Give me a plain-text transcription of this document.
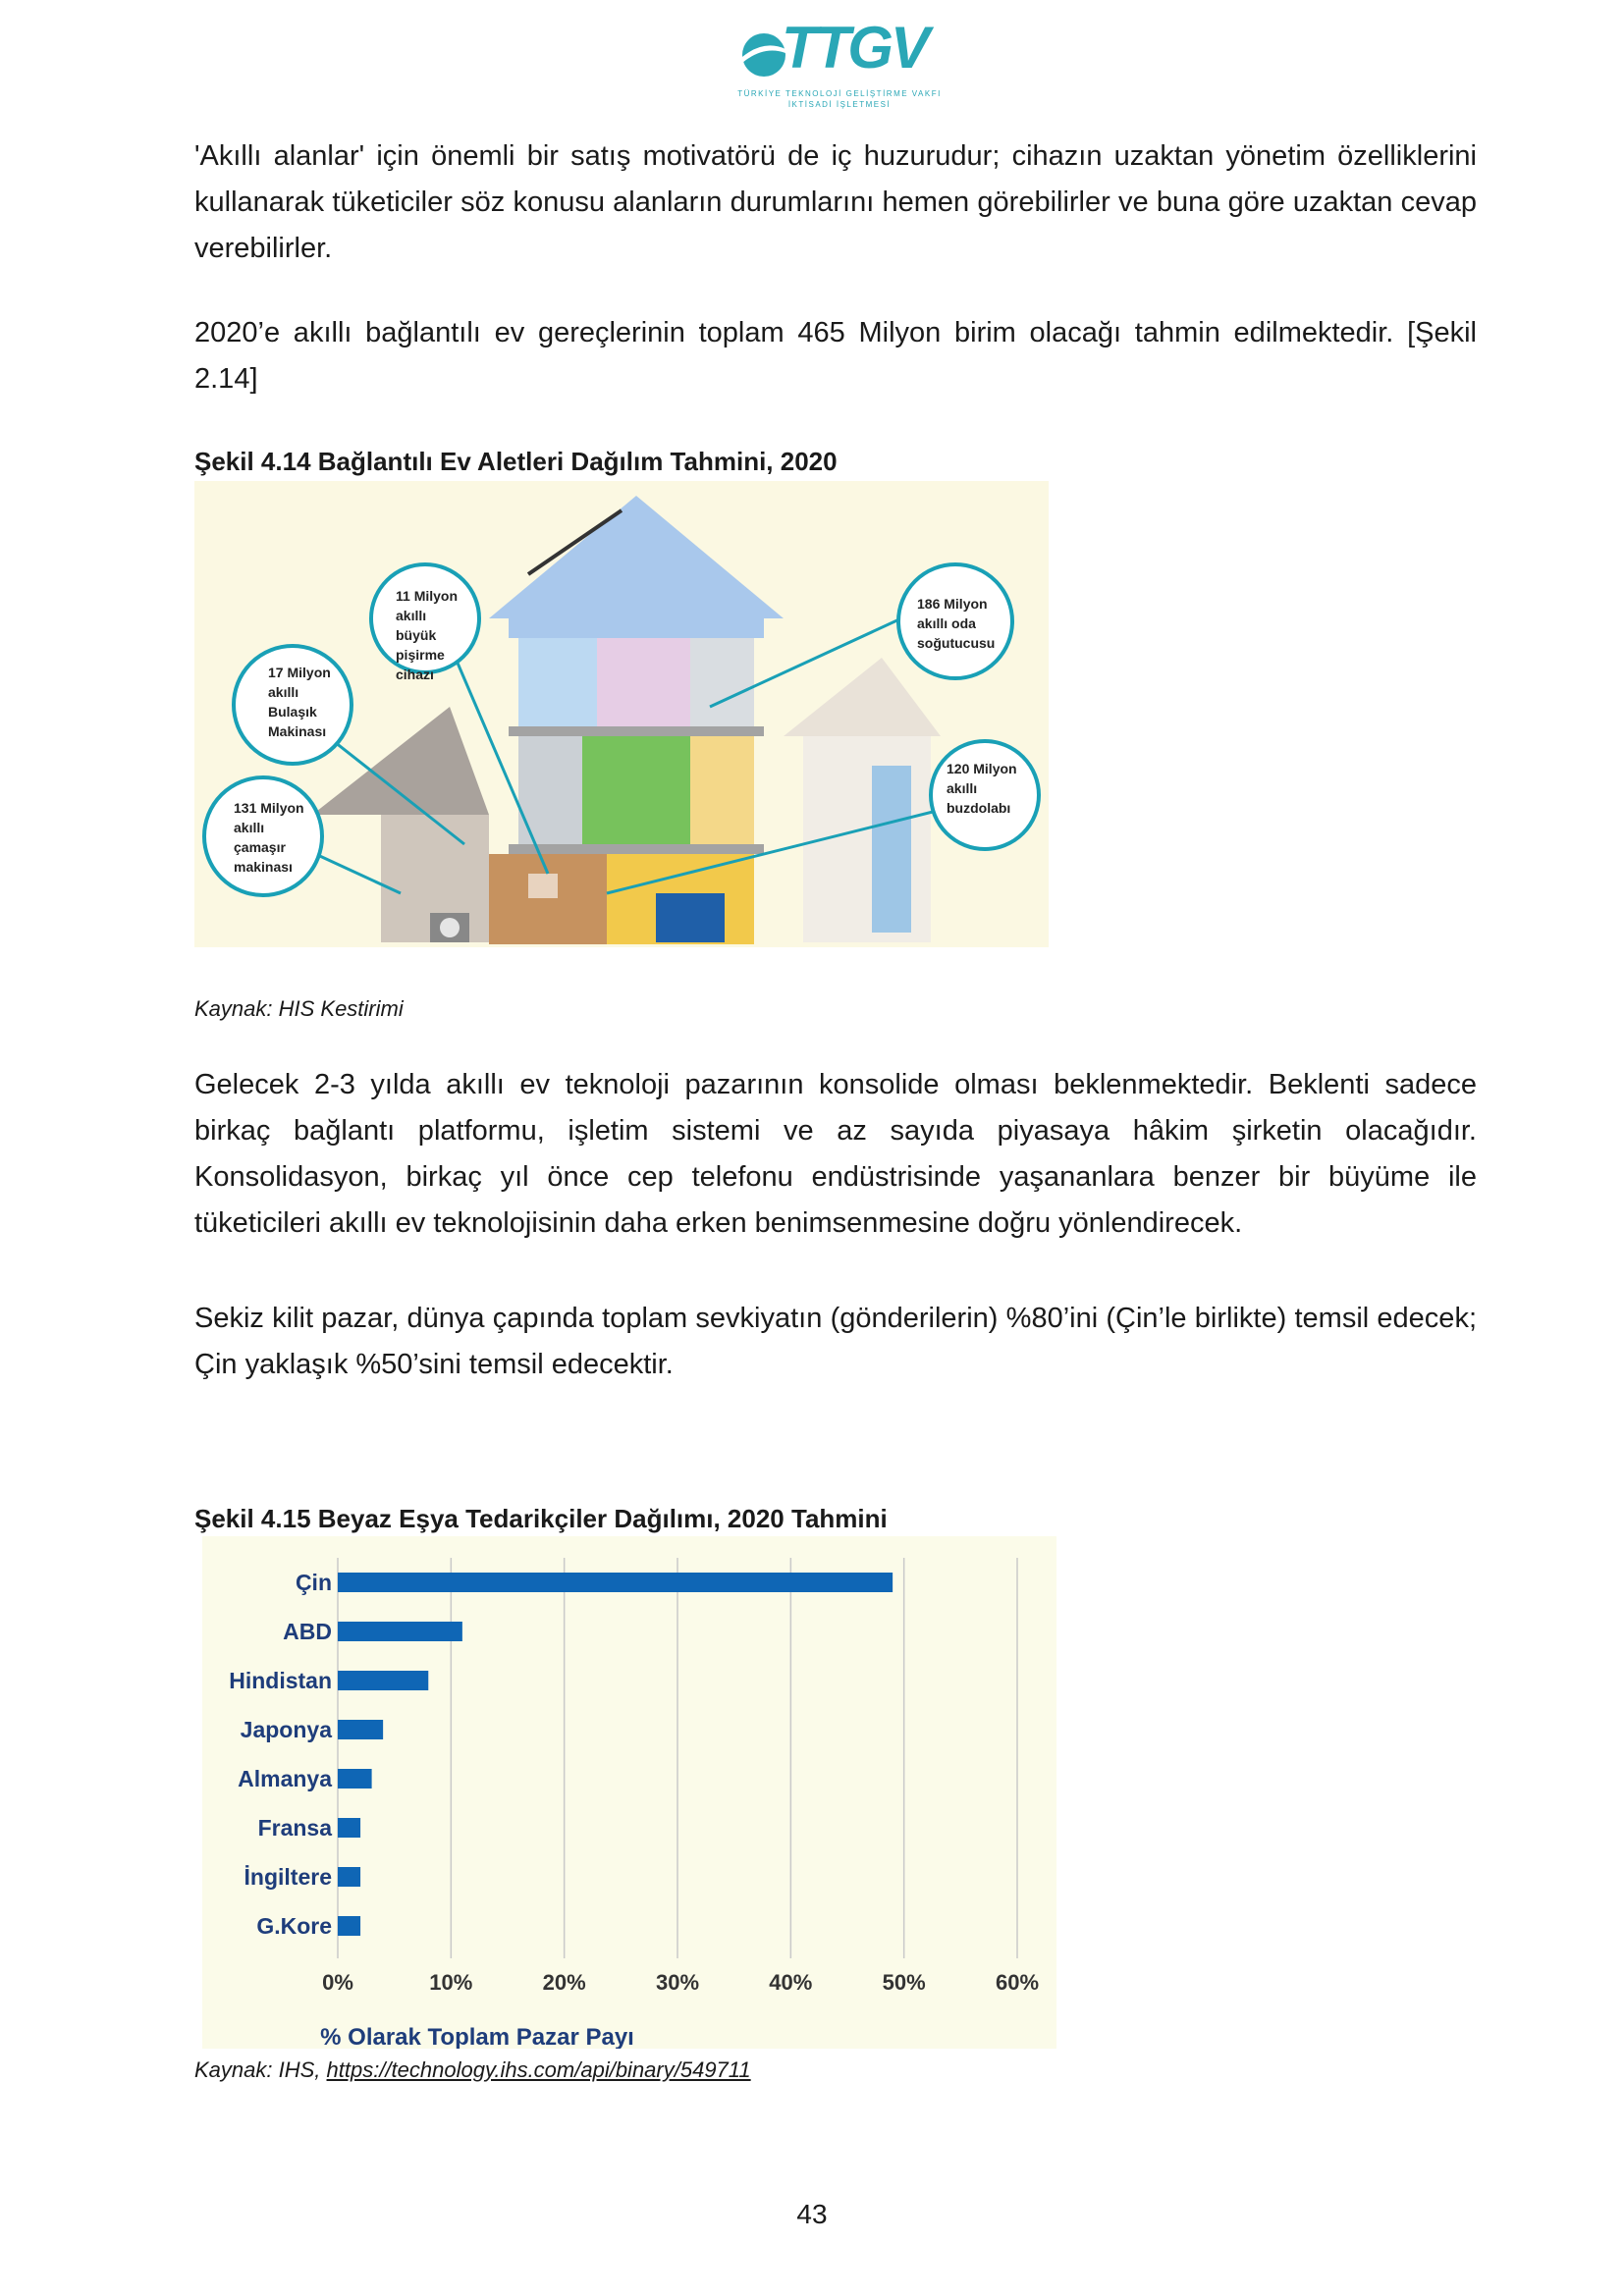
TTGV
TÜRKİYE TEKNOLOJİ GELİŞTİRME VAKFI
İKTİSADİ İŞLETMESİ

'Akıllı alanlar' için önemli bir satış motivatörü de iç huzurudur; cihazın uzaktan yönetim özelliklerini kullanarak tüketiciler söz konusu alanların durumlarını hemen görebilirler ve buna göre uzaktan cevap verebilirler.

2020’e akıllı bağlantılı ev gereçlerinin toplam 465 Milyon birim olacağı tahmin edilmektedir. [Şekil 2.14]

Şekil 4.14 Bağlantılı Ev Aletleri Dağılım Tahmini, 2020

11 Milyon akıllı büyük pişirme cihazı
17 Milyon akıllı Bulaşık Makinası
131 Milyon akıllı çamaşır makinası
186 Milyon akıllı oda soğutucusu
120 Milyon akıllı buzdolabı

Kaynak: HIS Kestirimi

Gelecek 2-3 yılda akıllı ev teknoloji pazarının konsolide olması beklenmektedir. Beklenti sadece birkaç bağlantı platformu, işletim sistemi ve az sayıda piyasaya hâkim şirketin olacağıdır. Konsolidasyon, birkaç yıl önce cep telefonu endüstrisinde yaşananlara benzer bir büyüme ile tüketicileri akıllı ev teknolojisinin daha erken benimsenmesine doğru yönlendirecek.

Sekiz kilit pazar, dünya çapında toplam sevkiyatın (gönderilerin) %80’ini (Çin’le birlikte) temsil edecek; Çin yaklaşık %50’sini temsil edecektir.

Şekil 4.15 Beyaz Eşya Tedarikçiler Dağılımı, 2020 Tahmini

Çin
ABD
Hindistan
Japonya
Almanya
Fransa
İngiltere
G.Kore
0%	10%	20%	30%	40%	50%	60%
% Olarak Toplam Pazar Payı

Kaynak: IHS, https://technology.ihs.com/api/binary/549711

43
